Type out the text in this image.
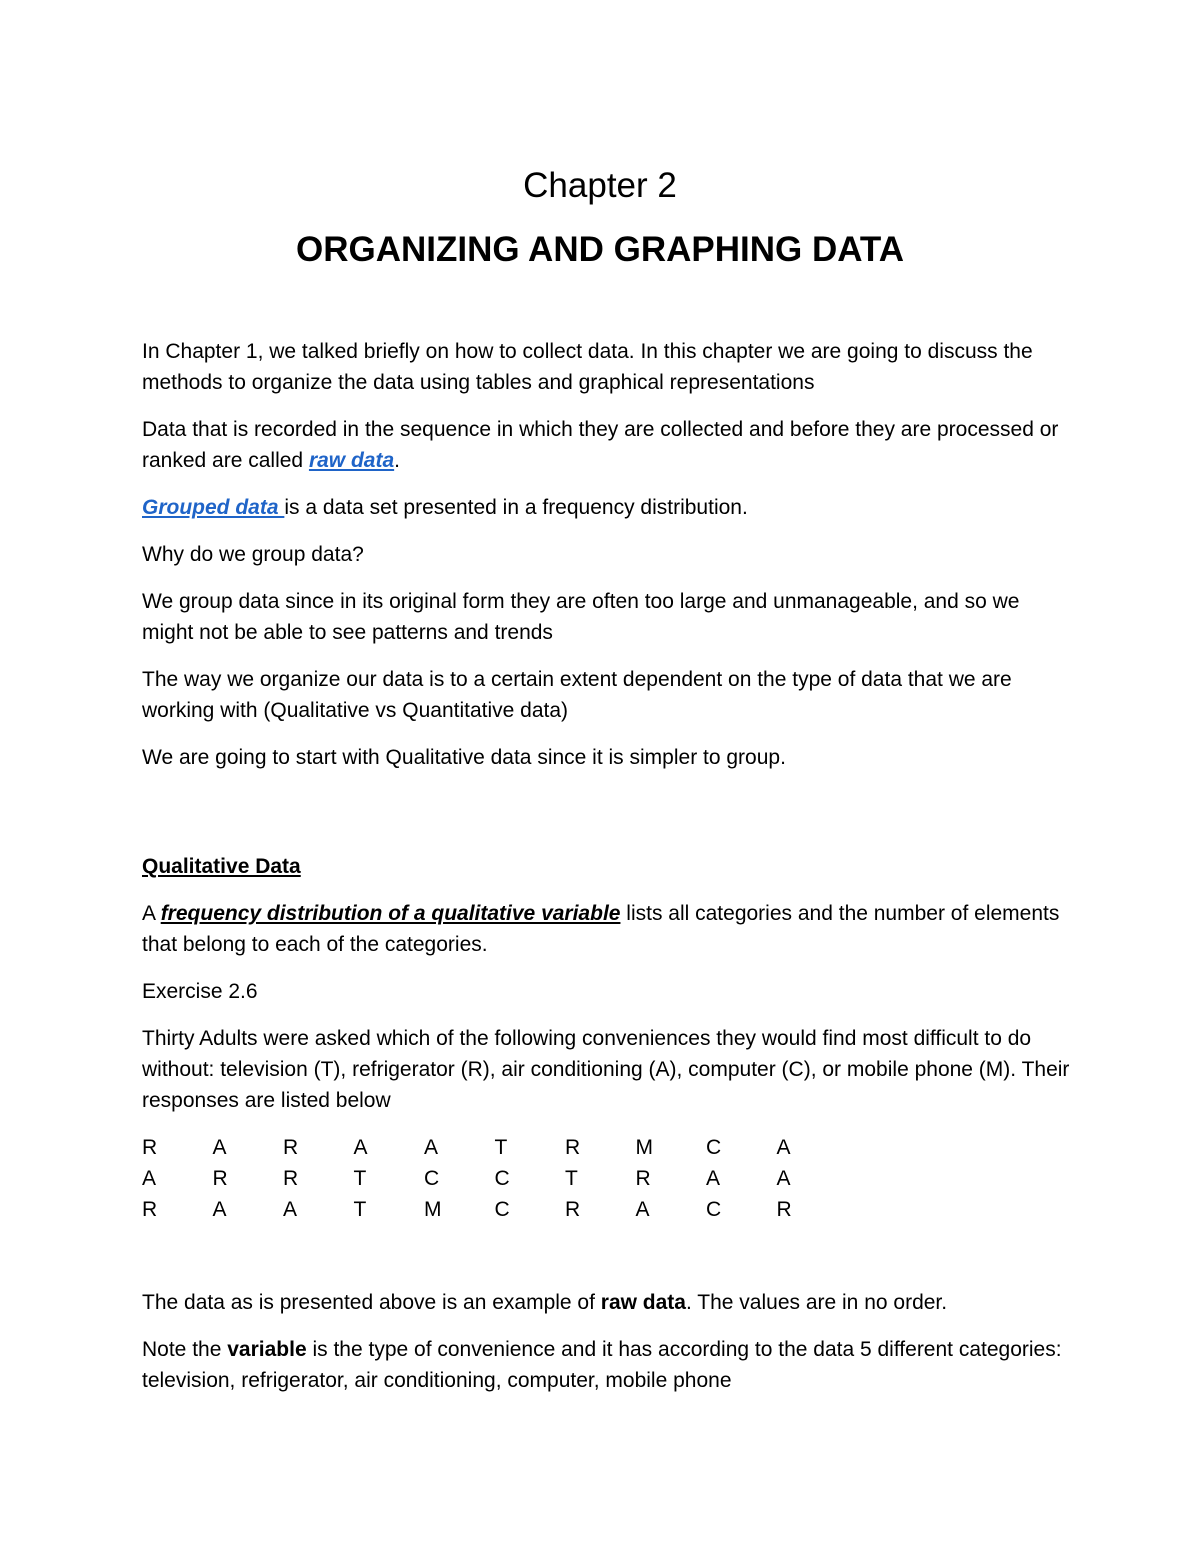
Chapter 2
ORGANIZING AND GRAPHING DATA

In Chapter 1, we talked briefly on how to collect data. In this chapter we are going to discuss the methods to organize the data using tables and graphical representations

Data that is recorded in the sequence in which they are collected and before they are processed or ranked are called raw data.

Grouped data is a data set presented in a frequency distribution.

Why do we group data?

We group data since in its original form they are often too large and unmanageable, and so we might not be able to see patterns and trends

The way we organize our data is to a certain extent dependent on the type of data that we are working with (Qualitative vs Quantitative data)

We are going to start with Qualitative data since it is simpler to group.

Qualitative Data

A frequency distribution of a qualitative variable lists all categories and the number of elements that belong to each of the categories.

Exercise 2.6

Thirty Adults were asked which of the following conveniences they would find most difficult to do without: television (T), refrigerator (R), air conditioning (A), computer (C), or mobile phone (M). Their responses are listed below

R	A	R	A	A	T	R	M	C	A
A	R	R	T	C	C	T	R	A	A
R	A	A	T	M	C	R	A	C	R

The data as is presented above is an example of raw data. The values are in no order.

Note the variable is the type of convenience and it has according to the data 5 different categories: television, refrigerator, air conditioning, computer, mobile phone
